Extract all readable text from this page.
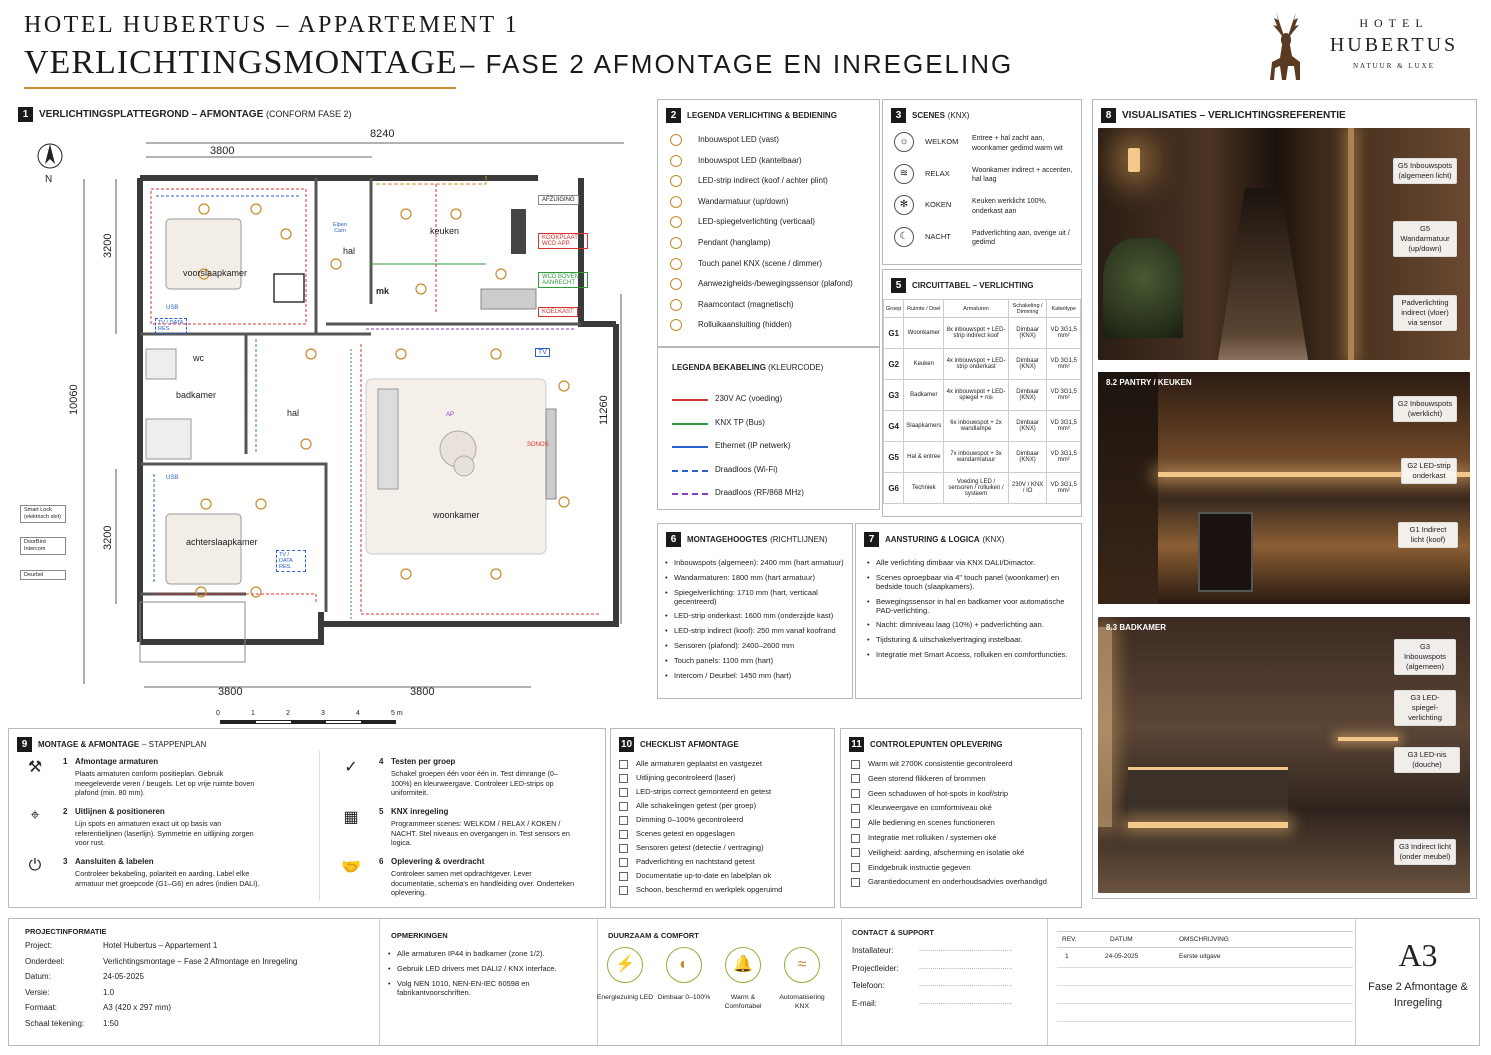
HOTEL HUBERTUS – APPARTEMENT 1
VERLICHTINGSMONTAGE – FASE 2 AFMONTAGE EN INREGELING
HOTEL
HUBERTUS
NATUUR & LUXE
1 VERLICHTINGSPLATTEGROND – AFMONTAGE (CONFORM FASE 2)
8240
3800
3200
10060
3200
11260
3800	3800
N
voorslaapkamer
hal
keuken
mk
wc
badkamer
hal
woonkamer
achterslaapkamer
AFZUIGING
KOOKPLAAT WCD APP.
WCD BOVEN AANRECHT
KOELKAST
TV / DATA RES.
TV / DATA RES.
TV
SONOS
AP
USB
USB
Elpen Cam
Smart Lock (elektrisch slot)
DoorBird Intercom
Deurbel
0	1	2	3	4	5 m
2 LEGENDA VERLICHTING & BEDIENING
Inbouwspot LED (vast)
Inbouwspot LED (kantelbaar)
LED-strip indirect (koof / achter plint)
Wandarmatuur (up/down)
LED-spiegelverlichting (verticaal)
Pendant (hanglamp)
Touch panel KNX (scene / dimmer)
Aanwezigheids-/bewegingssensor (plafond)
Raamcontact (magnetisch)
Rolluikaansluiting (hidden)
LEGENDA BEKABELING (KLEURCODE)
230V AC (voeding)
KNX TP (Bus)
Ethernet (IP netwerk)
Draadloos (Wi-Fi)
Draadloos (RF/868 MHz)
3 SCENES (KNX)
☼	WELKOM Entree + hal zacht aan, woonkamer gedimd warm wit
≋	RELAX	Woonkamer indirect + accenten, hal laag
✻	KOKEN	Keuken werklicht 100%, onderkast aan
☾	NACHT	Padverlichting aan, overige uit / gedimd
5 CIRCUITTABEL – VERLICHTING
Groep	Ruimte / Doel	Armaturen	Schakeling / Dimming	Kabeltype
G1	Woonkamer	8x inbouwspot + LED-strip indirect koof	Dimbaar (KNX)	VD 3G1,5 mm²
G2	Keuken	4x inbouwspot + LED-strip onderkast	Dimbaar (KNX)	VD 3G1,5 mm²
G3	Badkamer	4x inbouwspot + LED-spiegel + nis	Dimbaar (KNX)	VD 3G1,5 mm²
G4	Slaapkamers	6x inbouwspot + 2x wandlampe	Dimbaar (KNX)	VD 3G1,5 mm²
G5	Hal & entree	7x inbouwspot + 3x wandarmatuur	Dimbaar (KNX)	VD 3G1,5 mm²
G6	Techniek	Voeding LED / sensoren / rolluiken / systeem	230V / KNX / IO	VD 3G1,5 mm²
6 MONTAGEHOOGTES (RICHTLIJNEN)
• Inbouwspots (algemeen): 2400 mm (hart armatuur)
• Wandarmaturen: 1800 mm (hart armatuur)
• Spiegelverlichting: 1710 mm (hart, verticaal gecentreerd)
• LED-strip onderkast: 1600 mm (onderzijde kast)
• LED-strip indirect (koof): 250 mm vanaf koofrand
• Sensoren (plafond): 2400–2600 mm
• Touch panels: 1100 mm (hart)
• Intercom / Deurbel: 1450 mm (hart)
7 AANSTURING & LOGICA (KNX)
• Alle verlichting dimbaar via KNX DALI/Dimactor.
• Scenes oproepbaar via 4" touch panel (woonkamer) en bedside touch (slaapkamers).
• Bewegingssensor in hal en badkamer voor automatische PAD-verlichting.
• Nacht: dimniveau laag (10%) + padverlichting aan.
• Tijdsturing & uitschakelvertraging instelbaar.
• Integratie met Smart Access, rolluiken en comfortfuncties.
8 VISUALISATIES – VERLICHTINGSREFERENTIE
G5 Inbouwspots (algemeen licht)
G5 Wandarmatuur (up/down)
Padverlichting indirect (vloer) via sensor
8.2 PANTRY / KEUKEN
G2 Inbouwspots (werklicht)
G2 LED-strip onderkast
G1 Indirect licht (koof)
8.3 BADKAMER
G3 Inbouwspots (algemeen)
G3 LED-spiegel-verlichting
G3 LED-nis (douche)
G3 Indirect licht (onder meubel)
9 MONTAGE & AFMONTAGE – STAPPENPLAN
⚒	1 Afmontage armaturen
Plaats armaturen conform positieplan. Gebruik meegeleverde veren / beugels. Let op vrije ruimte boven plafond (min. 80 mm).
⌖	2 Uitlijnen & positioneren
Lijn spots en armaturen exact uit op basis van referentielijnen (laserlijn). Symmetrie en uitlijning zorgen voor rust.
⏻	3 Aansluiten & labelen
Controleer bekabeling, polariteit en aarding. Label elke armatuur met groepcode (G1–G6) en adres (indien DALI).
✓	4 Testen per groep
Schakel groepen één voor één in. Test dimrange (0–100%) en kleurweergave. Controleer LED-strips op uniformiteit.
▦	5 KNX inregeling
Programmeer scenes: WELKOM / RELAX / KOKEN / NACHT. Stel niveaus en overgangen in. Test sensors en logica.
🤝	6 Oplevering & overdracht
Controleer samen met opdrachtgever. Lever documentatie, schema's en handleiding over. Onderteken oplevering.
10 CHECKLIST AFMONTAGE
Alle armaturen geplaatst en vastgezet
Uitlijning gecontroleerd (laser)
LED-strips correct gemonteerd en getest
Alle schakelingen getest (per groep)
Dimming 0–100% gecontroleerd
Scenes getest en opgeslagen
Sensoren getest (detectie / vertraging)
Padverlichting en nachtstand getest
Documentatie up-to-date en labelplan ok
Schoon, beschermd en werkplek opgeruimd
11 CONTROLEPUNTEN OPLEVERING
Warm wit 2700K consistentie gecontroleerd
Geen storend flikkeren of brommen
Geen schaduwen of hot-spots in koof/strip
Kleurweergave en comfortniveau oké
Alle bediening en scenes functioneren
Integratie met rolluiken / systemen oké
Veiligheid: aarding, afscherming en isolatie oké
Eindgebruik instructie gegeven
Garantiedocument en onderhoudsadvies overhandigd
PROJECTINFORMATIE
Project:	Hotel Hubertus – Appartement 1
Onderdeel:	Verlichtingsmontage – Fase 2 Afmontage en Inregeling
Datum:	24-05-2025
Versie:	1.0
Formaat:	A3 (420 x 297 mm)
Schaal tekening: 1:50
OPMERKINGEN
• Alle armaturen IP44 in badkamer (zone 1/2).
• Gebruik LED drivers met DALI2 / KNX interface.
• Volg NEN 1010, NEN-EN-IEC 60598 en fabrikantvoorschriften.
DUURZAAM & COMFORT
⚡
Energiezuinig LED
◐
Dimbaar 0–100%
🔔
Warm & Comfortabel
≈
Automatisering KNX
CONTACT & SUPPORT
Installateur:	................................................
Projectleider:	................................................
Telefoon:	................................................
E-mail:	................................................
REV.	DATUM	OMSCHRIJVING
1	24-05-2025	Eerste uitgave	A3
Fase 2 Afmontage & Inregeling
